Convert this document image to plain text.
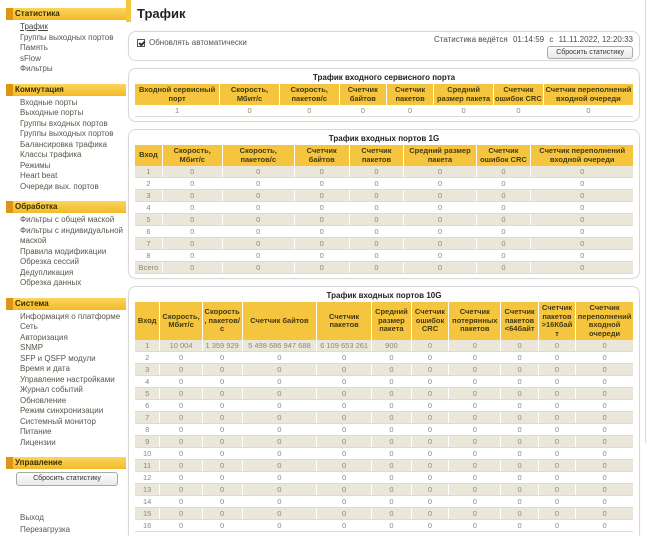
Статистика
Трафик
Группы выходных портов
Память
sFlow
Фильтры
Коммутация
Входные порты
Выходные порты
Группы входных портов
Группы выходных портов
Балансировка трафика
Классы трафика
Режимы
Heart beat
Очереди вых. портов
Обработка
Фильтры с общей маской
Фильтры с индивидуальной маской
Правила модификации
Обрезка сессий
Дедупликация
Обрезка данных
Система
Информация о платформе
Сеть
Авторизация
SNMP
SFP и QSFP модули
Время и дата
Управление настройками
Журнал событий
Обновление
Режим синхронизации
Системный монитор
Питание
Лицензии
Управление
Сбросить статистику
Выход
Перезагрузка
Трафик
Обновлять автоматически	Статистика ведётся 01:14:59 с 11.11.2022, 12:20:33
Сбросить статистику
Трафик входного сервисного порта							
Входной сервисный порт	Скорость, Мбит/с	Скорость, пакетов/с	Счетчик байтов	Счетчик пакетов	Средний размер пакета	Счетчик ошибок CRC	Счетчик переполнений входной очереди
1	0	0	0	0	0	0	0
Трафик входных портов 1G							
Вход	Скорость, Мбит/с	Скорость, пакетов/с	Счетчик байтов	Счетчик пакетов	Средний размер пакета	Счетчик ошибок CRC	Счетчик переполнений входной очереди
1	0	0	0	0	0	0	0
2	0	0	0	0	0	0	0
3	0	0	0	0	0	0	0
4	0	0	0	0	0	0	0
5	0	0	0	0	0	0	0
6	0	0	0	0	0	0	0
7	0	0	0	0	0	0	0
8	0	0	0	0	0	0	0
Всего	0	0	0	0	0	0	0
Трафик входных портов 10G										
Вход	Скорость, Мбит/с	Скорость, пакетов/с	Счетчик байтов	Счетчик пакетов	Средний размер пакета	Счетчик ошибок CRC	Счетчик потерянных пакетов	Счетчик пакетов <64байт	Счетчик пакетов >16Кбайт	Счетчик переполнений входной очереди
1	10 004	1 359 929	5 498 686 947 688	6 109 653 261	900	0	0	0	0	0
2	0	0	0	0	0	0	0	0	0	0
3	0	0	0	0	0	0	0	0	0	0
4	0	0	0	0	0	0	0	0	0	0
5	0	0	0	0	0	0	0	0	0	0
6	0	0	0	0	0	0	0	0	0	0
7	0	0	0	0	0	0	0	0	0	0
8	0	0	0	0	0	0	0	0	0	0
9	0	0	0	0	0	0	0	0	0	0
10	0	0	0	0	0	0	0	0	0	0
11	0	0	0	0	0	0	0	0	0	0
12	0	0	0	0	0	0	0	0	0	0
13	0	0	0	0	0	0	0	0	0	0
14	0	0	0	0	0	0	0	0	0	0
15	0	0	0	0	0	0	0	0	0	0
16	0	0	0	0	0	0	0	0	0	0
